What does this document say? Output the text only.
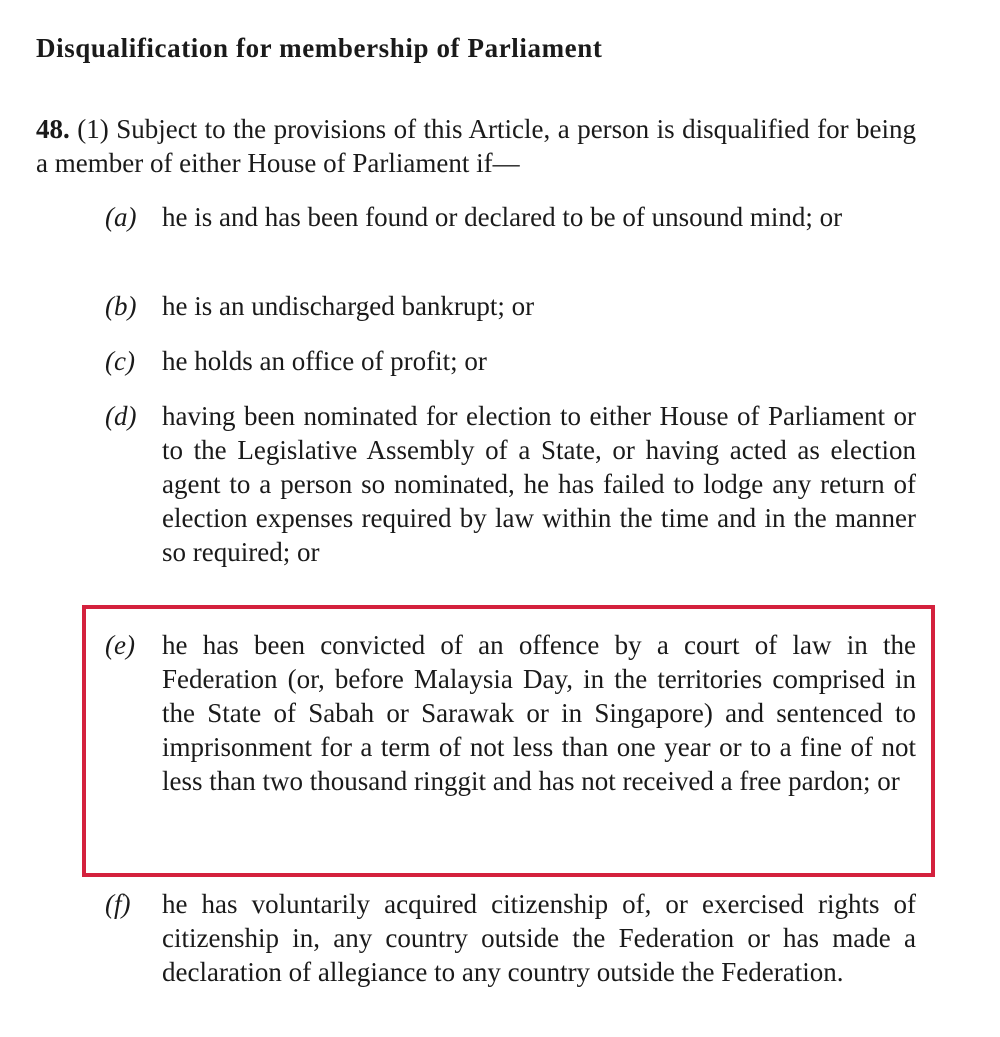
Disqualification for membership of Parliament
48. (1) Subject to the provisions of this Article, a person is disqualified for being a member of either House of Parliament if—
(a) he is and has been found or declared to be of unsound mind; or
(b) he is an undischarged bankrupt; or
(c)	he holds an office of profit; or
(d) having been nominated for election to either House of Parliament or to the Legislative Assembly of a State, or having acted as election agent to a person so nominated, he has failed to lodge any return of election expenses required by law within the time and in the manner so required; or
(e)	he has been convicted of an offence by a court of law in the Federation (or, before Malaysia Day, in the territories comprised in the State of Sabah or Sarawak or in Singapore) and sentenced to imprisonment for a term of not less than one year or to a fine of not less than two thousand ringgit and has not received a free pardon; or
(f)	he has voluntarily acquired citizenship of, or exercised rights of citizenship in, any country outside the Federation or has made a declaration of allegiance to any country outside the Federation.
